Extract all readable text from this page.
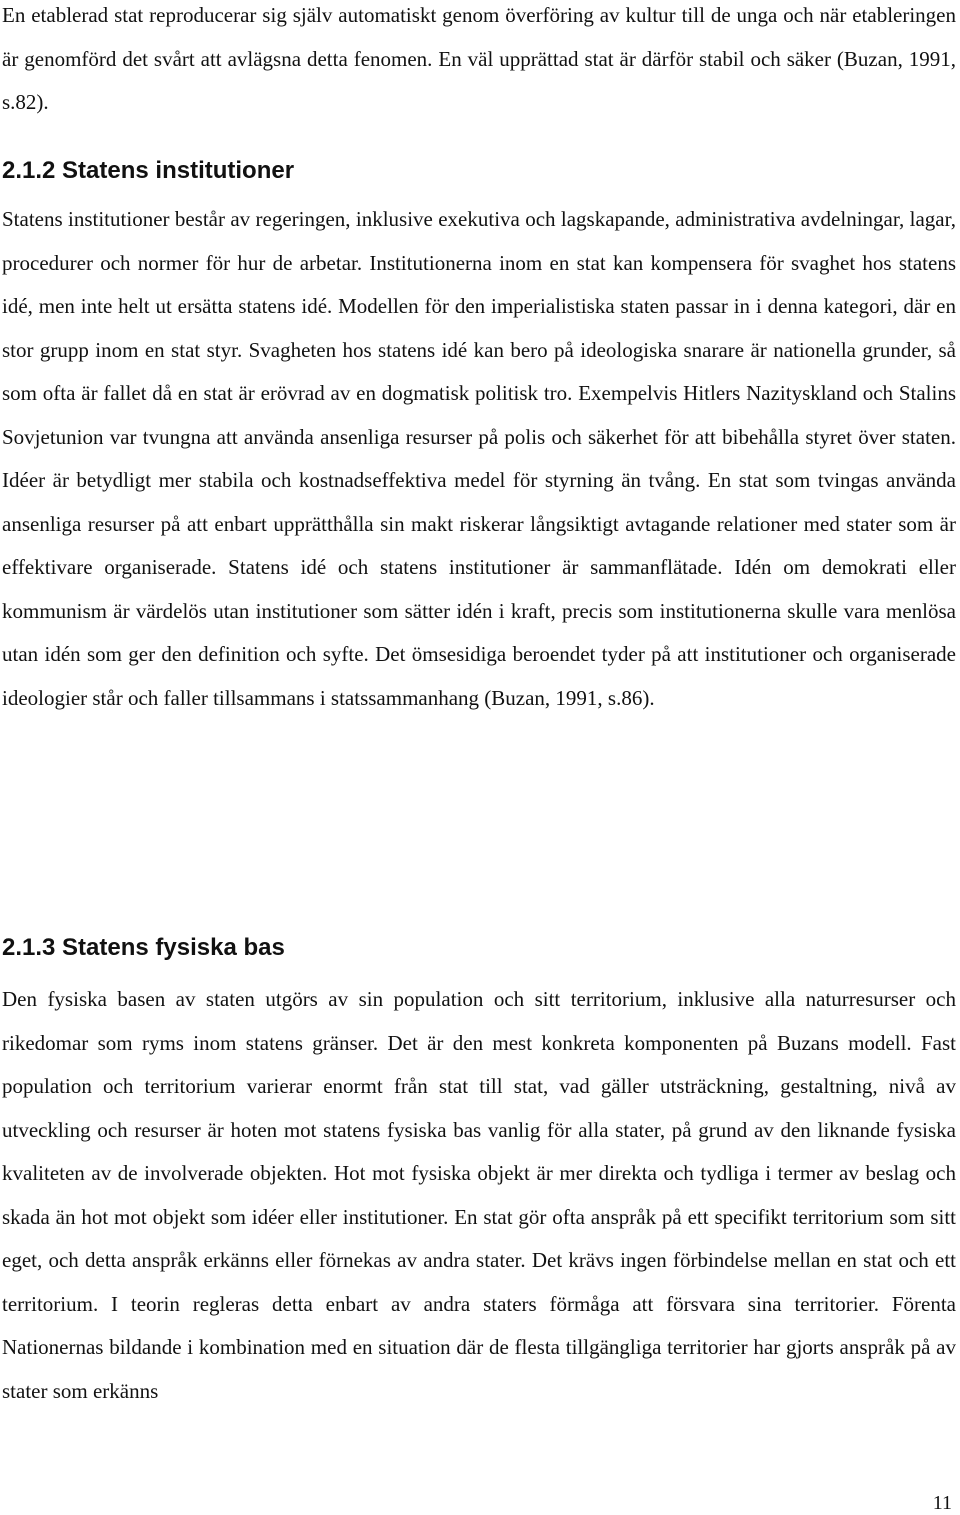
En etablerad stat reproducerar sig själv automatiskt genom överföring av kultur till de unga och när etableringen är genomförd det svårt att avlägsna detta fenomen. En väl upprättad stat är därför stabil och säker (Buzan, 1991, s.82).

2.1.2 Statens institutioner

Statens institutioner består av regeringen, inklusive exekutiva och lagskapande, administrativa avdelningar, lagar, procedurer och normer för hur de arbetar. Institutionerna inom en stat kan kompensera för svaghet hos statens idé, men inte helt ut ersätta statens idé. Modellen för den imperialistiska staten passar in i denna kategori, där en stor grupp inom en stat styr. Svagheten hos statens idé kan bero på ideologiska snarare är nationella grunder, så som ofta är fallet då en stat är erövrad av en dogmatisk politisk tro. Exempelvis Hitlers Nazityskland och Stalins Sovjetunion var tvungna att använda ansenliga resurser på polis och säkerhet för att bibehålla styret över staten. Idéer är betydligt mer stabila och kostnadseffektiva medel för styrning än tvång. En stat som tvingas använda ansenliga resurser på att enbart upprätthålla sin makt riskerar långsiktigt avtagande relationer med stater som är effektivare organiserade. Statens idé och statens institutioner är sammanflätade. Idén om demokrati eller kommunism är värdelös utan institutioner som sätter idén i kraft, precis som institutionerna skulle vara menlösa utan idén som ger den definition och syfte. Det ömsesidiga beroendet tyder på att institutioner och organiserade ideologier står och faller tillsammans i statssammanhang (Buzan, 1991, s.86).

2.1.3 Statens fysiska bas

Den fysiska basen av staten utgörs av sin population och sitt territorium, inklusive alla naturresurser och rikedomar som ryms inom statens gränser. Det är den mest konkreta komponenten på Buzans modell. Fast population och territorium varierar enormt från stat till stat, vad gäller utsträckning, gestaltning, nivå av utveckling och resurser är hoten mot statens fysiska bas vanlig för alla stater, på grund av den liknande fysiska kvaliteten av de involverade objekten. Hot mot fysiska objekt är mer direkta och tydliga i termer av beslag och skada än hot mot objekt som idéer eller institutioner. En stat gör ofta anspråk på ett specifikt territorium som sitt eget, och detta anspråk erkänns eller förnekas av andra stater. Det krävs ingen förbindelse mellan en stat och ett territorium. I teorin regleras detta enbart av andra staters förmåga att försvara sina territorier. Förenta Nationernas bildande i kombination med en situation där de flesta tillgängliga territorier har gjorts anspråk på av stater som erkänns

11
